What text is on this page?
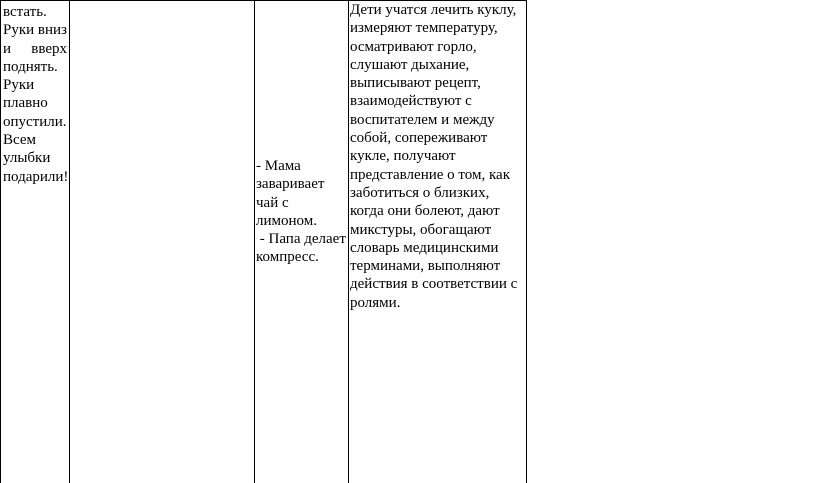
встать.
Руки вниз
и вверх
поднять.
Руки
плавно
опустили.
Всем
улыбки
подарили!
- Мама
заваривает
чай с
лимоном.
- Папа делает
компресс.
Дети учатся лечить куклу,
измеряют температуру,
осматривают горло,
слушают дыхание,
выписывают рецепт,
взаимодействуют с
воспитателем и между
собой, сопереживают
кукле, получают
представление о том, как
заботиться о близких,
когда они болеют, дают
микстуры, обогащают
словарь медицинскими
терминами, выполняют
действия в соответствии с
ролями.
